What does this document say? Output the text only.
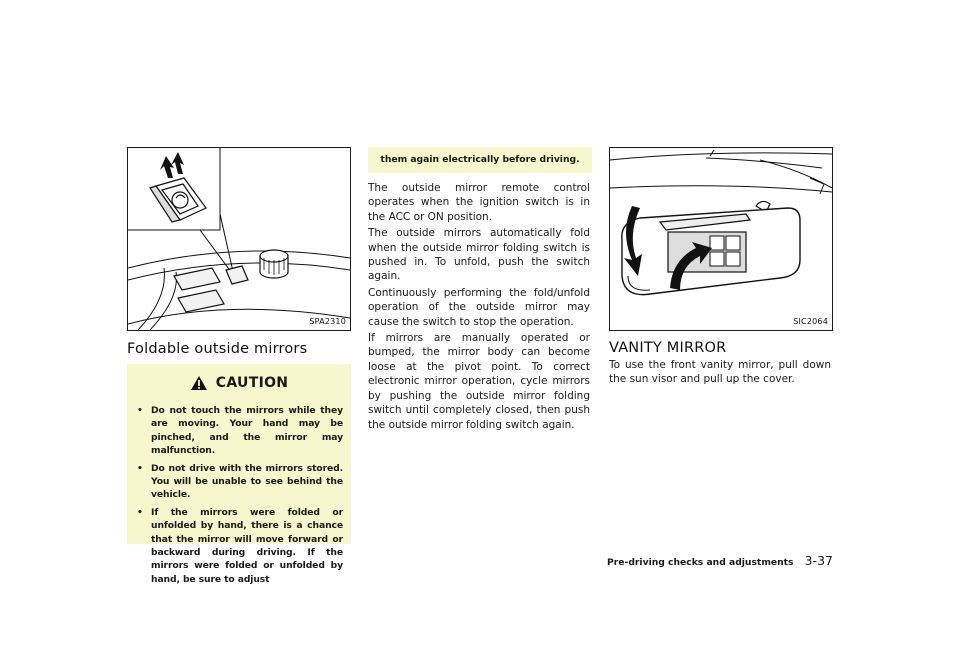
SPA2310
Foldable outside mirrors
CAUTION
• Do not touch the mirrors while they are moving. Your hand may be pinched, and the mirror may malfunction.
• Do not drive with the mirrors stored. You will be unable to see behind the vehicle.
• If the mirrors were folded or unfolded by hand, there is a chance that the mirror will move forward or backward during driving. If the mirrors were folded or unfolded by hand, be sure to adjust
them again electrically before driving.

The outside mirror remote control operates when the ignition switch is in the ACC or ON position.

The outside mirrors automatically fold when the outside mirror folding switch is pushed in. To unfold, push the switch again.

Continuously performing the fold/unfold operation of the outside mirror may cause the switch to stop the operation.

If mirrors are manually operated or bumped, the mirror body can become loose at the pivot point. To correct electronic mirror operation, cycle mirrors by pushing the outside mirror folding switch until completely closed, then push the outside mirror folding switch again.

SIC2064
VANITY MIRROR

To use the front vanity mirror, pull down the sun visor and pull up the cover.

Pre-driving checks and adjustments 3-37
